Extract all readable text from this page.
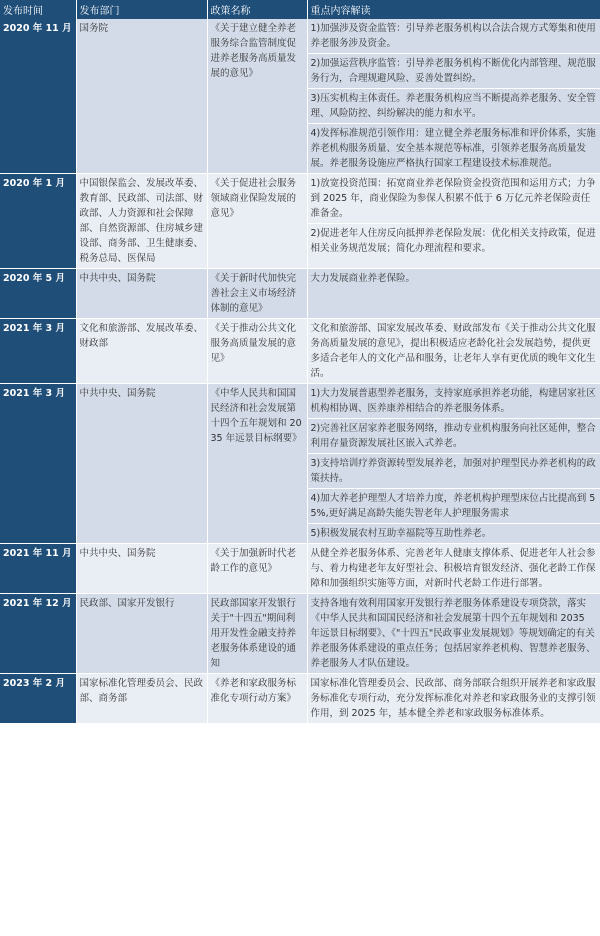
发布时间	发布部门	政策名称	重点内容解读
2020 年 11 月	国务院	《关于建立健全养老服务综合监管制度促进养老服务高质量发展的意见》	1)加强涉及资金监管：引导养老服务机构以合法合规方式筹集和使用养老服务涉及资金。
2)加强运营秩序监管：引导养老服务机构不断优化内部管理、规范服务行为，合理规避风险、妥善处置纠纷。
3)压实机构主体责任。养老服务机构应当不断提高养老服务、安全管理、风险防控、纠纷解决的能力和水平。
4)发挥标准规范引领作用：建立健全养老服务标准和评价体系，实施养老机构服务质量、安全基本规范等标准，引领养老服务高质量发展。养老服务设施应严格执行国家工程建设技术标准规范。

2020 年 1 月	中国银保监会、发展改革委、教育部、民政部、司法部、财政部、人力资源和社会保障部、自然资源部、住房城乡建设部、商务部、卫生健康委、税务总局、医保局	《关于促进社会服务领域商业保险发展的意见》	1)放宽投资范围：拓宽商业养老保险资金投资范围和运用方式；力争到 2025 年，商业保险为参保人积累不低于 6 万亿元养老保险责任准备金。
2)促进老年人住房反向抵押养老保险发展：优化相关支持政策，促进相关业务规范发展；简化办理流程和要求。

2020 年 5 月	中共中央、国务院	《关于新时代加快完善社会主义市场经济体制的意见》	大力发展商业养老保险。

2021 年 3 月	文化和旅游部、发展改革委、财政部	《关于推动公共文化服务高质量发展的意见》	文化和旅游部、国家发展改革委、财政部发布《关于推动公共文化服务高质量发展的意见》，提出积极适应老龄化社会发展趋势，提供更多适合老年人的文化产品和服务，让老年人享有更优质的晚年文化生活。

2021 年 3 月	中共中央、国务院	《中华人民共和国国民经济和社会发展第十四个五年规划和 2035 年远景目标纲要》	1)大力发展普惠型养老服务，支持家庭承担养老功能，构建居家社区机构相协调、医养康养相结合的养老服务体系。
2)完善社区居家养老服务网络，推动专业机构服务向社区延伸，整合利用存量资源发展社区嵌入式养老。
3)支持培训疗养资源转型发展养老，加强对护理型民办养老机构的政策扶持。
4)加大养老护理型人才培养力度，养老机构护理型床位占比提高到 55%,更好满足高龄失能失智老年人护理服务需求
5)积极发展农村互助幸福院等互助性养老。

2021 年 11 月	中共中央、国务院	《关于加强新时代老龄工作的意见》	从健全养老服务体系、完善老年人健康支撑体系、促进老年人社会参与、着力构建老年友好型社会、积极培育银发经济、强化老龄工作保障和加强组织实施等方面，对新时代老龄工作进行部署。

2021 年 12 月	民政部、国家开发银行	民政部国家开发银行关于"十四五"期间利用开发性金融支持养老服务体系建设的通知	支持各地有效利用国家开发银行养老服务体系建设专项贷款，落实《中华人民共和国国民经济和社会发展第十四个五年规划和 2035 年远景目标纲要》、《"十四五"民政事业发展规划》等规划确定的有关养老服务体系建设的重点任务；包括居家养老机构、智慧养老服务、养老服务人才队伍建设。

2023 年 2 月	国家标准化管理委员会、民政部、商务部	《养老和家政服务标准化专项行动方案》	国家标准化管理委员会、民政部、商务部联合组织开展养老和家政服务标准化专项行动，充分发挥标准化对养老和家政服务业的支撑引领作用，到 2025 年，基本健全养老和家政服务标准体系。
